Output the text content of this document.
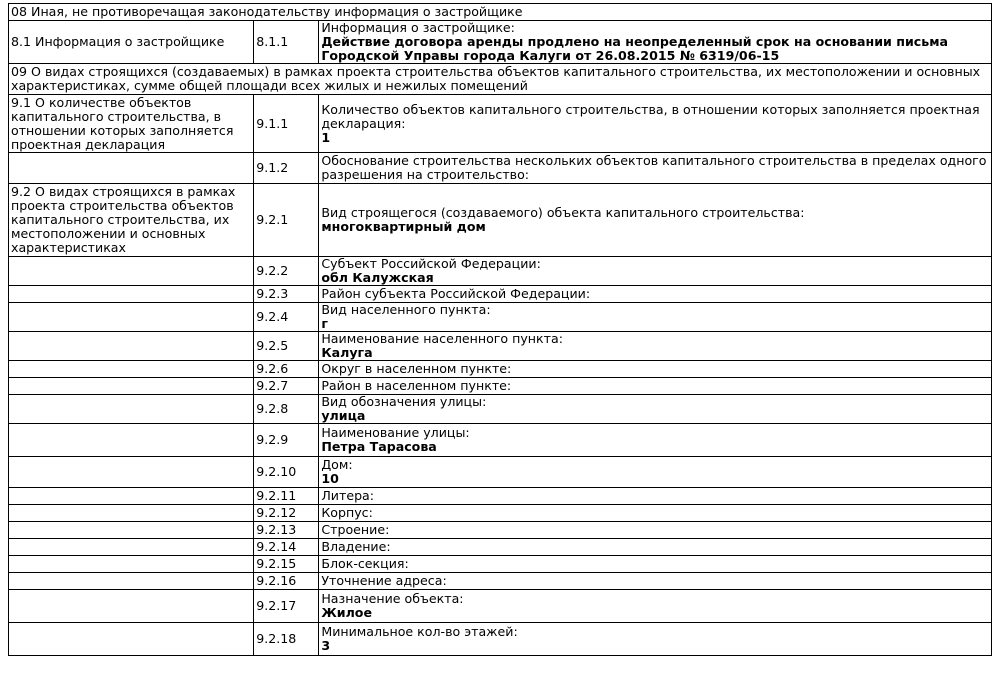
08 Иная, не противоречащая законодательству информация о застройщике		
8.1 Информация о застройщике	8.1.1	Информация о застройщике:
Действие договора аренды продлено на неопределенный срок на основании письма Городской Управы города Калуги от 26.08.2015 № 6319/06-15

09 О видах строящихся (создаваемых) в рамках проекта строительства объектов капитального строительства, их местоположении и основных характеристиках, сумме общей площади всех жилых и нежилых помещений		
9.1 О количестве объектов капитального строительства, в отношении которых заполняется проектная декларация	9.1.1	Количество объектов капитального строительства, в отношении которых заполняется проектная декларация:
1

	9.1.2	Обоснование строительства нескольких объектов капитального строительства в пределах одного разрешения на строительство:

9.2 О видах строящихся в рамках проекта строительства объектов капитального строительства, их местоположении и основных характеристиках	9.2.1	Вид строящегося (создаваемого) объекта капитального строительства:
многоквартирный дом

	9.2.2	Субъект Российской Федерации:
обл Калужская

	9.2.3	Район субъекта Российской Федерации:

	9.2.4	Вид населенного пункта:
г

	9.2.5	Наименование населенного пункта:
Калуга

	9.2.6	Округ в населенном пункте:

	9.2.7	Район в населенном пункте:

	9.2.8	Вид обозначения улицы:
улица

	9.2.9	Наименование улицы:
Петра Тарасова

	9.2.10	Дом:
10

	9.2.11	Литера:

	9.2.12	Корпус:

	9.2.13	Строение:

	9.2.14	Владение:

	9.2.15	Блок-секция:

	9.2.16	Уточнение адреса:

	9.2.17	Назначение объекта:
Жилое

	9.2.18	Минимальное кол-во этажей:
3
